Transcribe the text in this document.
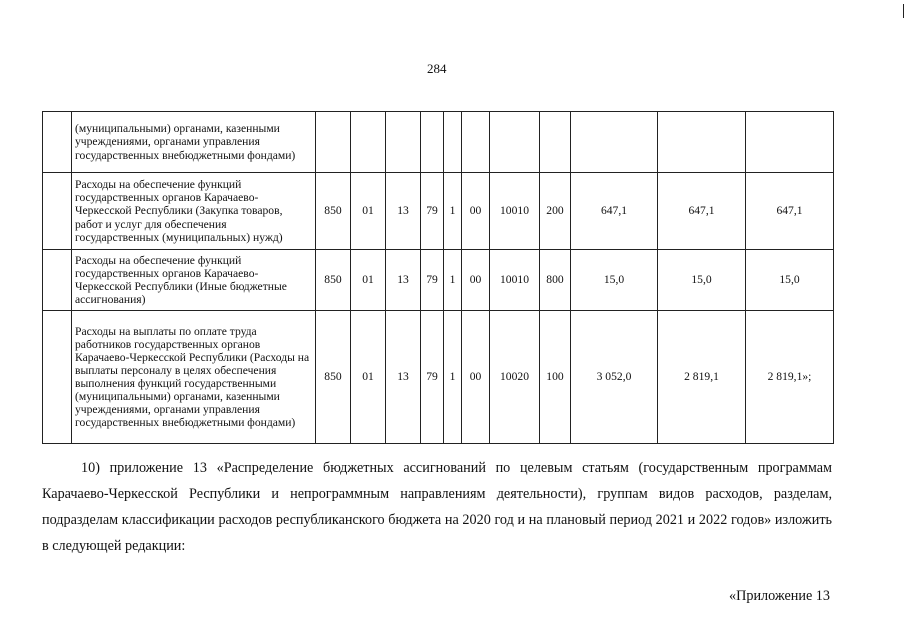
284
	(муниципальными) органами, казенными учреждениями, органами управления государственных внебюджетными фондами)											
	Расходы на обеспечение функций государственных органов Карачаево-Черкесской Республики (Закупка товаров, работ и услуг для обеспечения государственных (муниципальных) нужд)	850	01	13	79	1	00	10010	200	647,1	647,1	647,1
	Расходы на обеспечение функций государственных органов Карачаево-Черкесской Республики (Иные бюджетные ассигнования)	850	01	13	79	1	00	10010	800	15,0	15,0	15,0
	Расходы на выплаты по оплате труда работников государственных органов Карачаево-Черкесской Республики (Расходы на выплаты персоналу в целях обеспечения выполнения функций государственными (муниципальными) органами, казенными учреждениями, органами управления государственных внебюджетными фондами)	850	01	13	79	1	00	10020	100	3 052,0	2 819,1	2 819,1»;

10) приложение 13 «Распределение бюджетных ассигнований по целевым статьям (государственным программам Карачаево-Черкесской Республики и непрограммным направлениям деятельности), группам видов расходов, разделам, подразделам классификации расходов республиканского бюджета на 2020 год и на плановый период 2021 и 2022 годов» изложить в следующей редакции:

«Приложение 13
